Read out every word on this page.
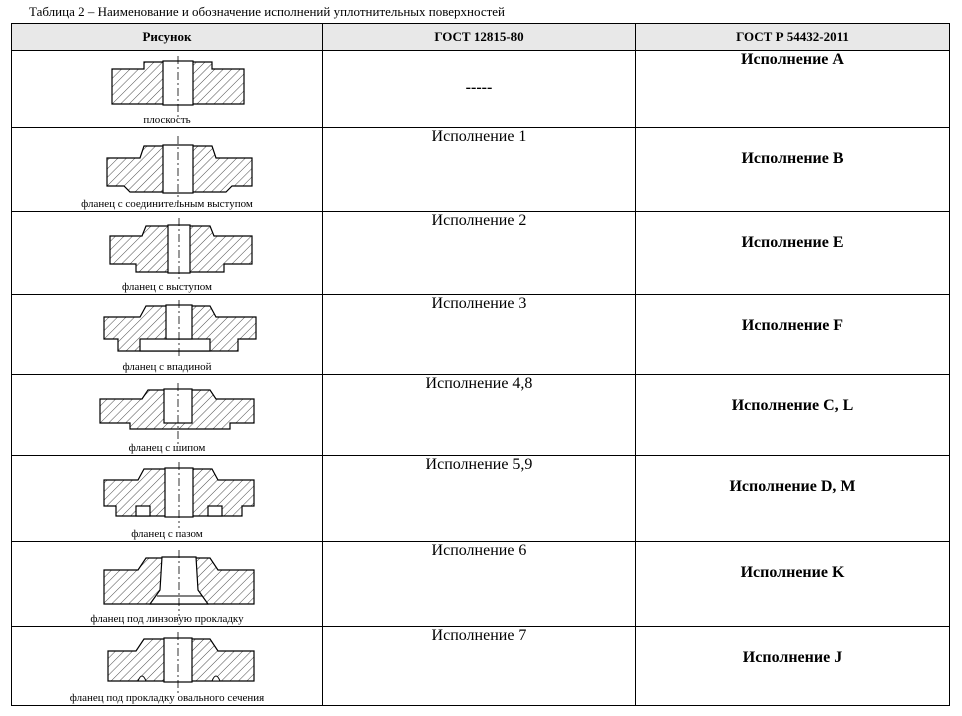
Таблица 2 – Наименование и обозначение исполнений уплотнительных поверхностей
Рисунок	ГОСТ 12815-80	ГОСТ Р 54432-2011

плоскость	-----	Исполнение А

фланец с соединительным выступом	Исполнение 1	Исполнение B

фланец с выступом	Исполнение 2	Исполнение E

фланец с впадиной	Исполнение 3	Исполнение F

фланец с шипом	Исполнение 4,8	Исполнение C, L

фланец с пазом	Исполнение 5,9	Исполнение D, M

фланец под линзовую прокладку	Исполнение 6	Исполнение K

фланец под прокладку овального сечения	Исполнение 7	Исполнение J
